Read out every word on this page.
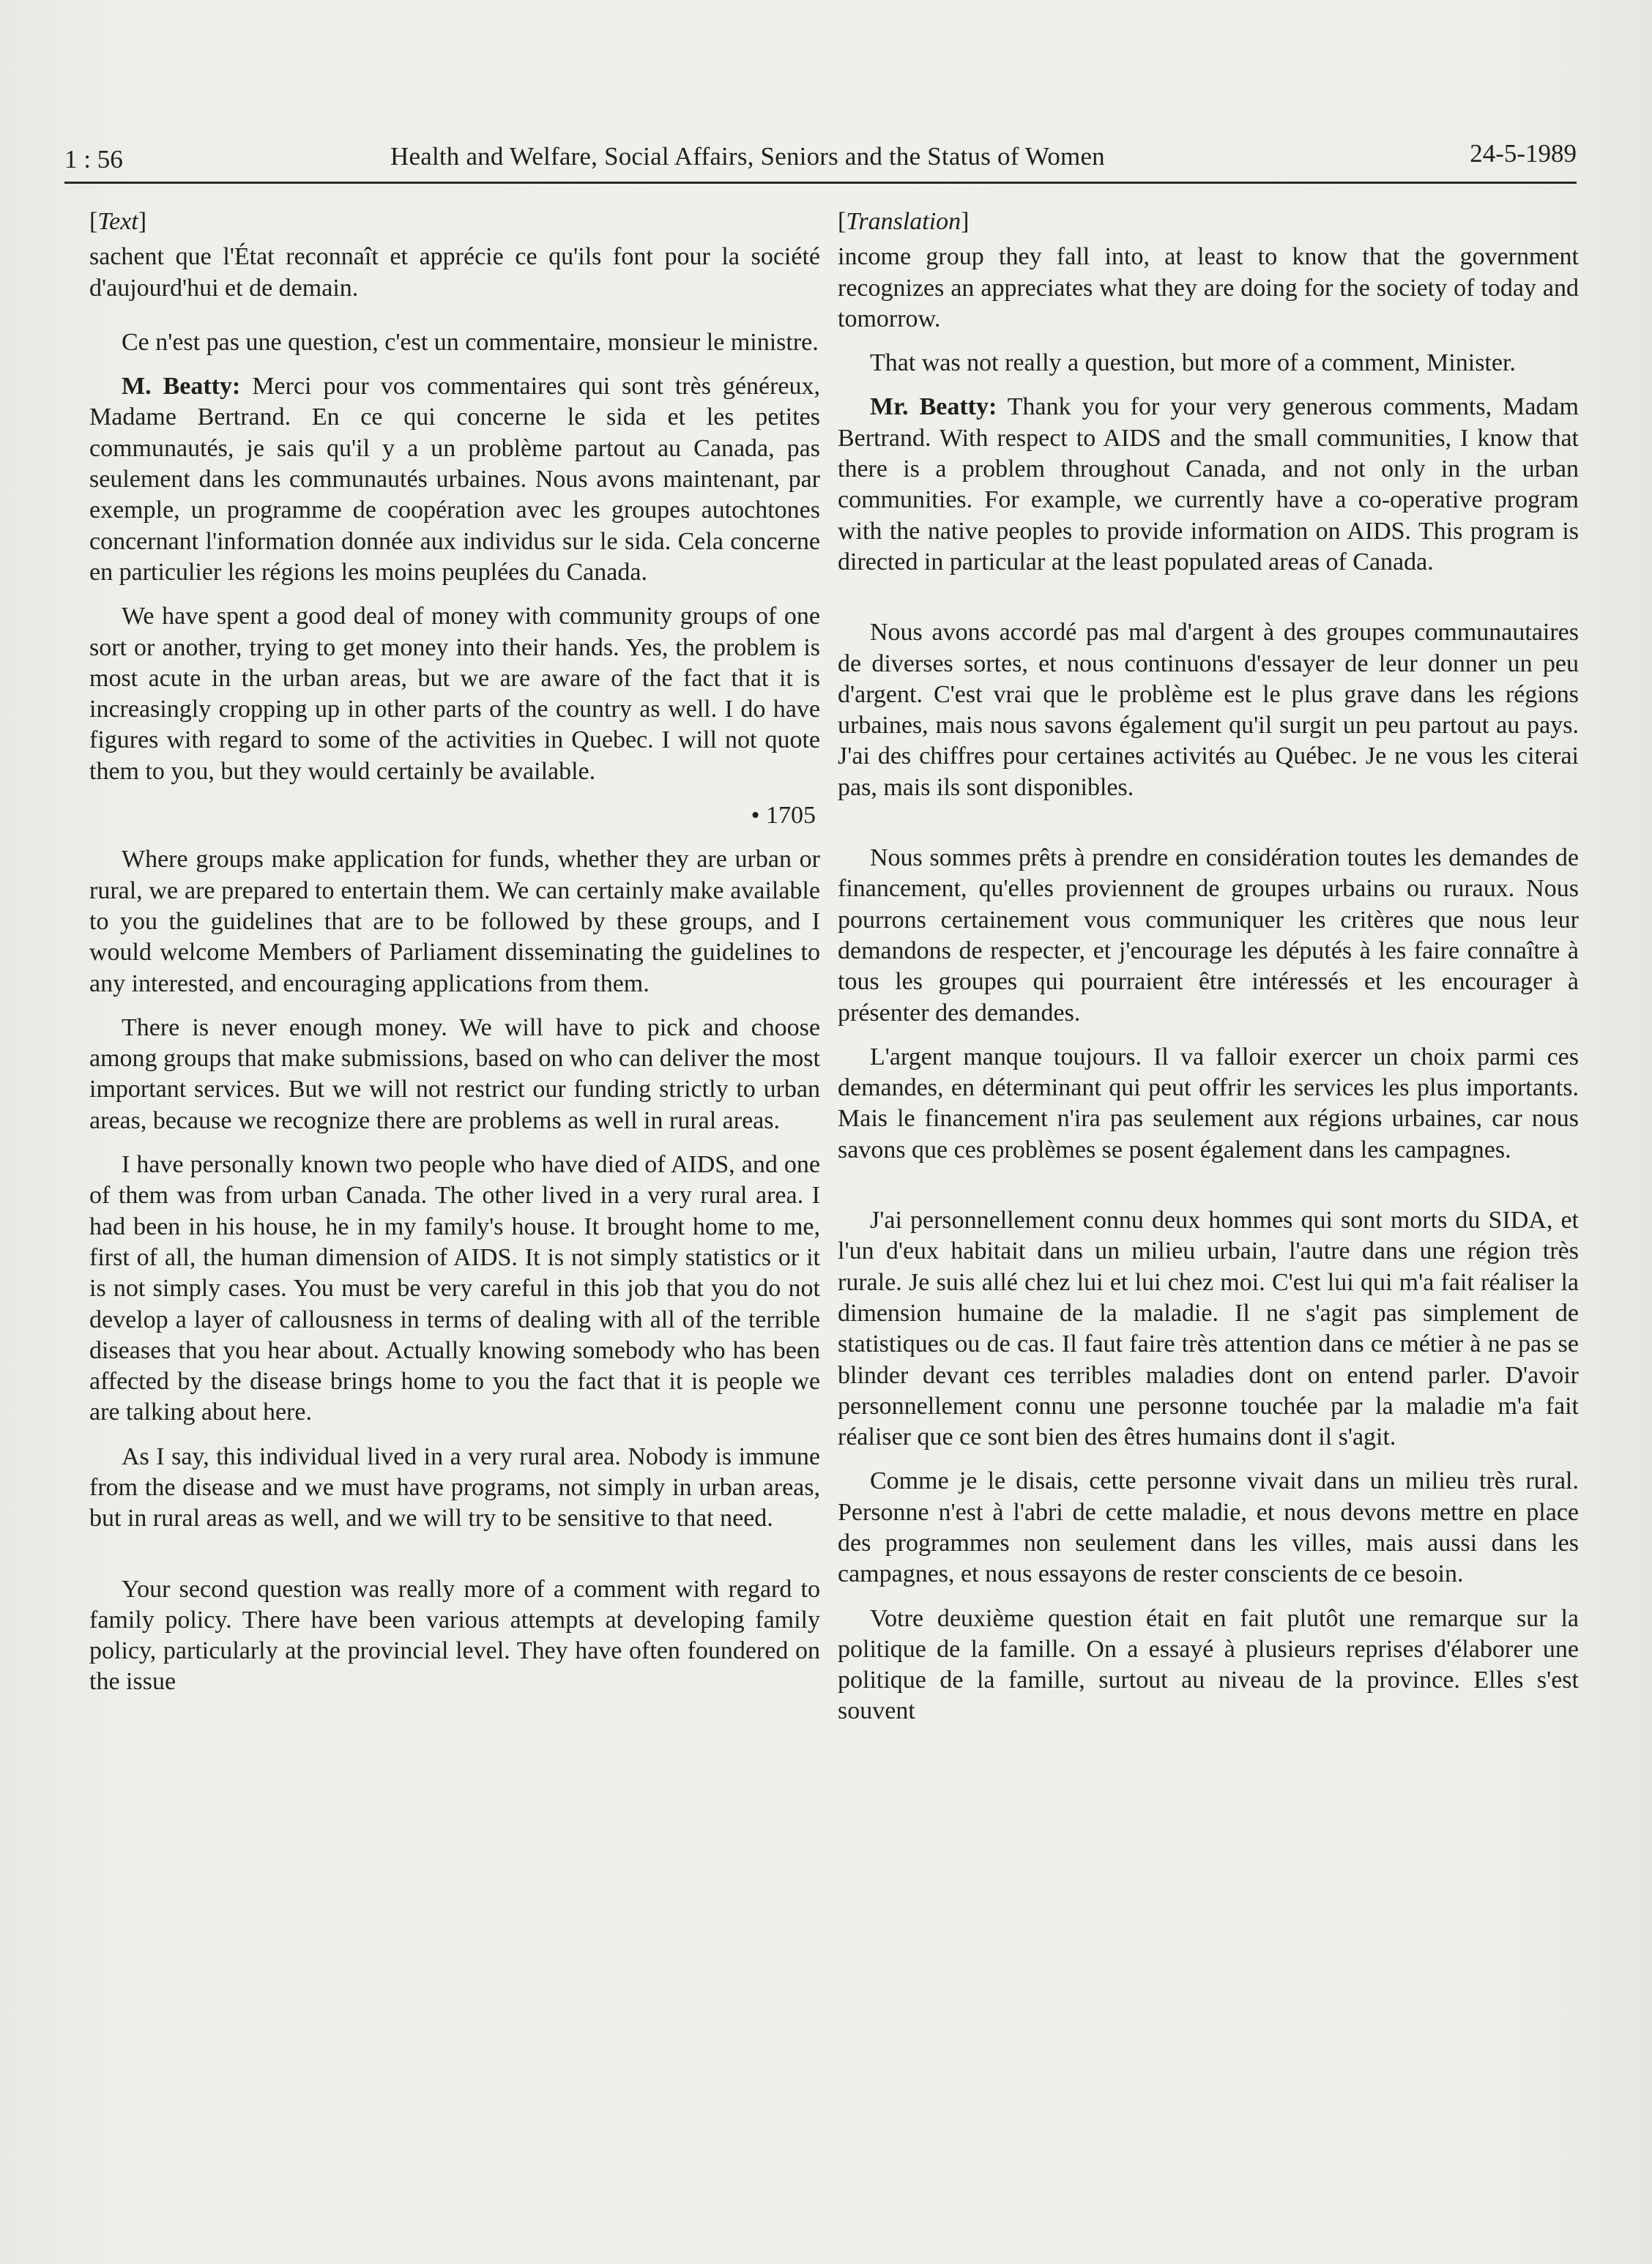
1 : 56	Health and Welfare, Social Affairs, Seniors and the Status of Women	24-5-1989

[Text]

sachent que l'État reconnaît et apprécie ce qu'ils font pour la société d'aujourd'hui et de demain.

Ce n'est pas une question, c'est un commentaire, monsieur le ministre.

M. Beatty: Merci pour vos commentaires qui sont très généreux, Madame Bertrand. En ce qui concerne le sida et les petites communautés, je sais qu'il y a un problème partout au Canada, pas seulement dans les communautés urbaines. Nous avons maintenant, par exemple, un programme de coopération avec les groupes autochtones concernant l'information donnée aux individus sur le sida. Cela concerne en particulier les régions les moins peuplées du Canada.

We have spent a good deal of money with community groups of one sort or another, trying to get money into their hands. Yes, the problem is most acute in the urban areas, but we are aware of the fact that it is increasingly cropping up in other parts of the country as well. I do have figures with regard to some of the activities in Quebec. I will not quote them to you, but they would certainly be available.

• 1705

Where groups make application for funds, whether they are urban or rural, we are prepared to entertain them. We can certainly make available to you the guidelines that are to be followed by these groups, and I would welcome Members of Parliament disseminating the guidelines to any interested, and encouraging applications from them.

There is never enough money. We will have to pick and choose among groups that make submissions, based on who can deliver the most important services. But we will not restrict our funding strictly to urban areas, because we recognize there are problems as well in rural areas.

I have personally known two people who have died of AIDS, and one of them was from urban Canada. The other lived in a very rural area. I had been in his house, he in my family's house. It brought home to me, first of all, the human dimension of AIDS. It is not simply statistics or it is not simply cases. You must be very careful in this job that you do not develop a layer of callousness in terms of dealing with all of the terrible diseases that you hear about. Actually knowing somebody who has been affected by the disease brings home to you the fact that it is people we are talking about here.

As I say, this individual lived in a very rural area. Nobody is immune from the disease and we must have programs, not simply in urban areas, but in rural areas as well, and we will try to be sensitive to that need.

Your second question was really more of a comment with regard to family policy. There have been various attempts at developing family policy, particularly at the provincial level. They have often foundered on the issue

[Translation]

income group they fall into, at least to know that the government recognizes an appreciates what they are doing for the society of today and tomorrow.

That was not really a question, but more of a comment, Minister.

Mr. Beatty: Thank you for your very generous comments, Madam Bertrand. With respect to AIDS and the small communities, I know that there is a problem throughout Canada, and not only in the urban communities. For example, we currently have a co-operative program with the native peoples to provide information on AIDS. This program is directed in particular at the least populated areas of Canada.

Nous avons accordé pas mal d'argent à des groupes communautaires de diverses sortes, et nous continuons d'essayer de leur donner un peu d'argent. C'est vrai que le problème est le plus grave dans les régions urbaines, mais nous savons également qu'il surgit un peu partout au pays. J'ai des chiffres pour certaines activités au Québec. Je ne vous les citerai pas, mais ils sont disponibles.

Nous sommes prêts à prendre en considération toutes les demandes de financement, qu'elles proviennent de groupes urbains ou ruraux. Nous pourrons certainement vous communiquer les critères que nous leur demandons de respecter, et j'encourage les députés à les faire connaître à tous les groupes qui pourraient être intéressés et les encourager à présenter des demandes.

L'argent manque toujours. Il va falloir exercer un choix parmi ces demandes, en déterminant qui peut offrir les services les plus importants. Mais le financement n'ira pas seulement aux régions urbaines, car nous savons que ces problèmes se posent également dans les campagnes.

J'ai personnellement connu deux hommes qui sont morts du SIDA, et l'un d'eux habitait dans un milieu urbain, l'autre dans une région très rurale. Je suis allé chez lui et lui chez moi. C'est lui qui m'a fait réaliser la dimension humaine de la maladie. Il ne s'agit pas simplement de statistiques ou de cas. Il faut faire très attention dans ce métier à ne pas se blinder devant ces terribles maladies dont on entend parler. D'avoir personnellement connu une personne touchée par la maladie m'a fait réaliser que ce sont bien des êtres humains dont il s'agit.

Comme je le disais, cette personne vivait dans un milieu très rural. Personne n'est à l'abri de cette maladie, et nous devons mettre en place des programmes non seulement dans les villes, mais aussi dans les campagnes, et nous essayons de rester conscients de ce besoin.

Votre deuxième question était en fait plutôt une remarque sur la politique de la famille. On a essayé à plusieurs reprises d'élaborer une politique de la famille, surtout au niveau de la province. Elles s'est souvent
